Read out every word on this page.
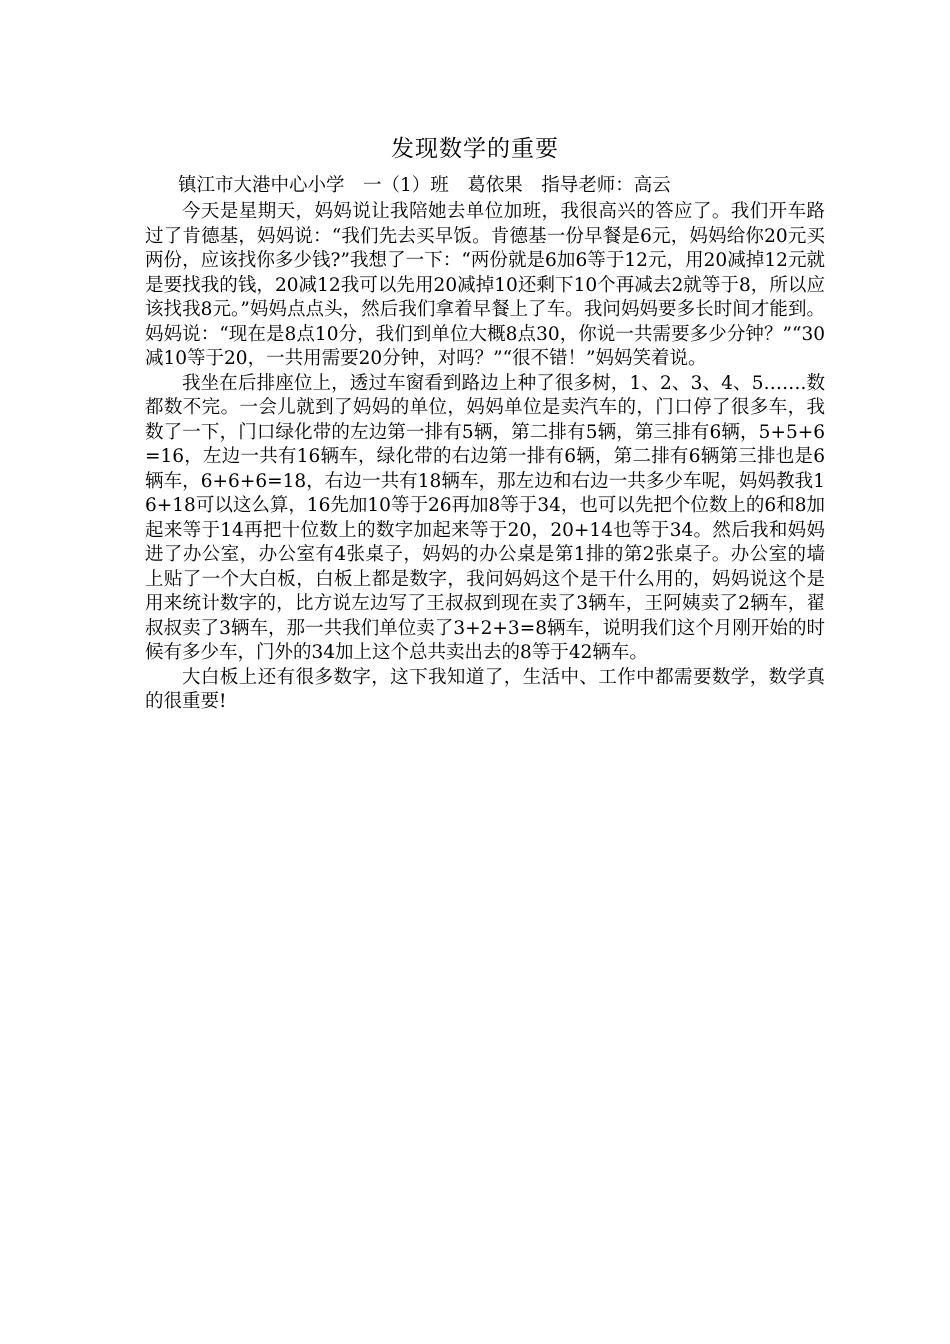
发现数学的重要
镇江市大港中心小学　一（1）班　葛依果　指导老师：高云

今天是星期天，妈妈说让我陪她去单位加班，我很高兴的答应了。我们开车路过了肯德基，妈妈说：“我们先去买早饭。肯德基一份早餐是6元，妈妈给你20元买两份，应该找你多少钱?”我想了一下：“两份就是6加6等于12元，用20减掉12元就是要找我的钱，20减12我可以先用20减掉10还剩下10个再减去2就等于8，所以应该找我8元。”妈妈点点头，然后我们拿着早餐上了车。我问妈妈要多长时间才能到。妈妈说：“现在是8点10分，我们到单位大概8点30，你说一共需要多少分钟？”“30减10等于20，一共用需要20分钟，对吗？”“很不错！”妈妈笑着说。

我坐在后排座位上，透过车窗看到路边上种了很多树，1、2、3、4、5…….数都数不完。一会儿就到了妈妈的单位，妈妈单位是卖汽车的，门口停了很多车，我数了一下，门口绿化带的左边第一排有5辆，第二排有5辆，第三排有6辆，5+5+6=16，左边一共有16辆车，绿化带的右边第一排有6辆，第二排有6辆第三排也是6辆车，6+6+6=18，右边一共有18辆车，那左边和右边一共多少车呢，妈妈教我16+18可以这么算，16先加10等于26再加8等于34，也可以先把个位数上的6和8加起来等于14再把十位数上的数字加起来等于20，20+14也等于34。然后我和妈妈进了办公室，办公室有4张桌子，妈妈的办公桌是第1排的第2张桌子。办公室的墙上贴了一个大白板，白板上都是数字，我问妈妈这个是干什么用的，妈妈说这个是用来统计数字的，比方说左边写了王叔叔到现在卖了3辆车，王阿姨卖了2辆车，翟叔叔卖了3辆车，那一共我们单位卖了3+2+3=8辆车，说明我们这个月刚开始的时候有多少车，门外的34加上这个总共卖出去的8等于42辆车。

大白板上还有很多数字，这下我知道了，生活中、工作中都需要数学，数学真的很重要!
